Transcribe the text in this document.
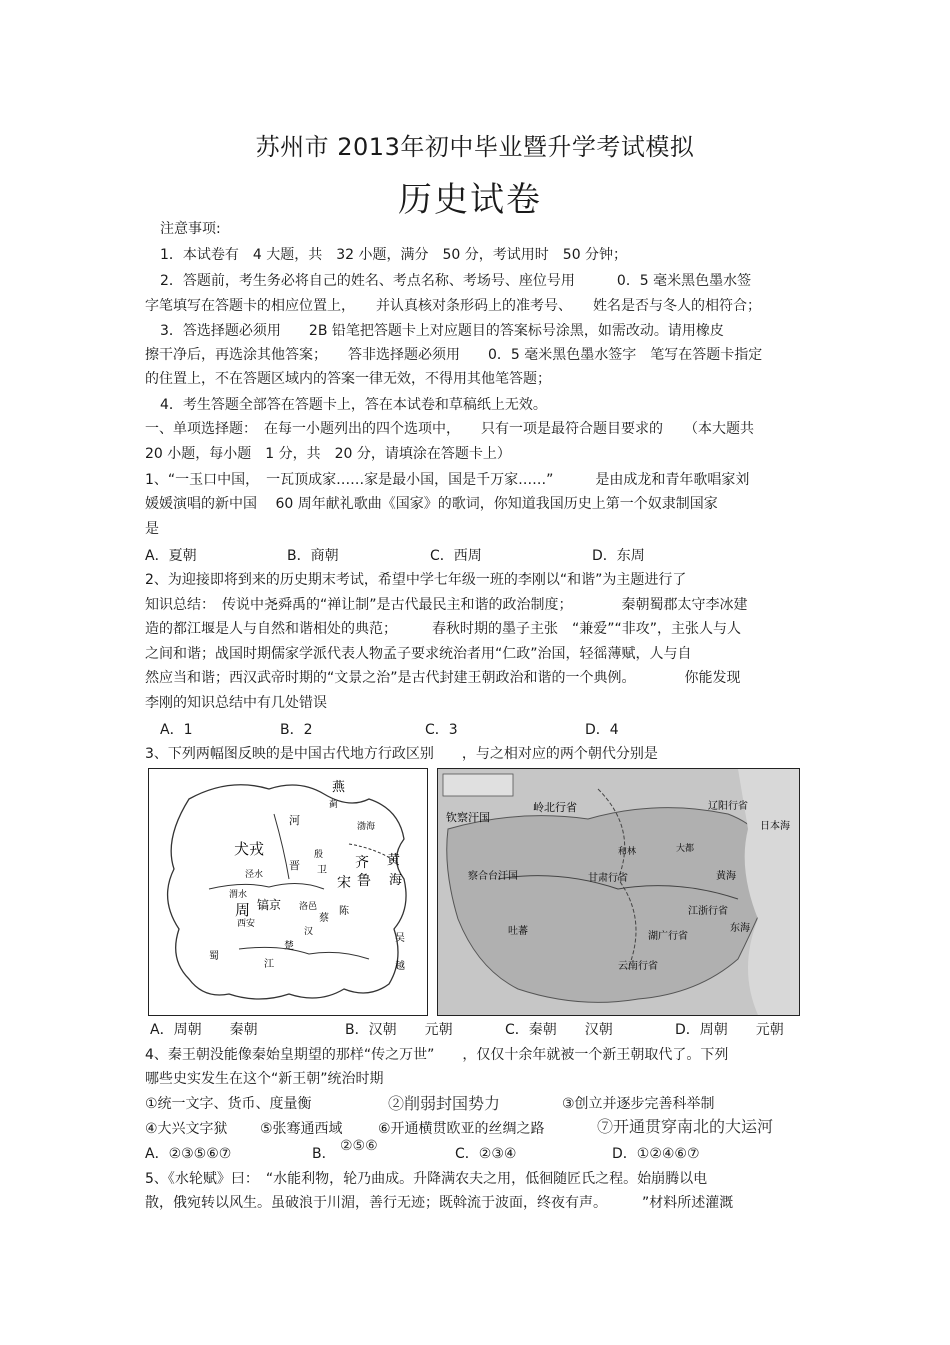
苏州市 2013年初中毕业暨升学考试模拟
历史试卷
注意事项:
1．本试卷有　4 大题，共　32 小题，满分　50 分，考试用时　50 分钟；
2．答题前，考生务必将自己的姓名、考点名称、考场号、座位号用　　　0．5 毫米黑色墨水签
字笔填写在答题卡的相应位置上，　　并认真核对条形码上的准考号、　　姓名是否与冬人的相符合；
3．答选择题必须用　　2B 铅笔把答题卡上对应题目的答案标号涂黑，如需改动。请用橡皮
擦干净后，再选涂其他答案；　　答非选择题必须用　　0．5 毫米黑色墨水签字　笔写在答题卡指定
的住置上，不在答题区域内的答案一律无效，不得用其他笔答题；
4．考生答题全部答在答题卡上，答在本试卷和草稿纸上无效。
一、单项选择题：　在每一小题列出的四个选项中，　　只有一项是最符合题目要求的　　（本大题共
20 小题，每小题　1 分，共　20 分，请填涂在答题卡上）
1、“一玉口中国，　一瓦顶成家……家是最小国，国是千万家……”　　　是由成龙和青年歌唱家刘
媛媛演唱的新中国　 60 周年献礼歌曲《国家》的歌词，你知道我国历史上第一个奴隶制国家
是
A．夏朝	B．商朝	C．西周	D．东周
2、为迎接即将到来的历史期末考试，希望中学七年级一班的李刚以“和谐”为主题进行了
知识总结：　传说中尧舜禹的“禅让制”是古代最民主和谐的政治制度；　　　　秦朝蜀郡太守李冰建
造的都江堰是人与自然和谐相处的典范；　　　春秋时期的墨子主张　“兼爱”“非攻”，主张人与人
之间和谐；战国时期儒家学派代表人物孟子要求统治者用“仁政”治国，轻徭薄赋，人与自
然应当和谐；西汉武帝时期的“文景之治”是古代封建王朝政治和谐的一个典例。　　　　你能发现
李刚的知识总结中有几处错误
A．1	B．2	C．3	D．4
3、下列两幅图反映的是中国古代地方行政区别　　，与之相对应的两个朝代分别是
燕
蓟
渤海
河
犬戎
晋	齐
鲁
宋
黄
海
泾水
渭水
镐京
周
西安
洛邑
卫
陈
蔡
楚
江
蜀
吴
越
汉
殷
钦察汗国
岭北行省
和林
察合台汗国	甘肃行省
辽阳行省
日本海
黄海
东海
大都
云南行省
湖广行省
江浙行省
吐蕃
A．周朝　　秦朝	B．汉朝　　元朝	C．秦朝　　汉朝	D．周朝　　元朝
4、秦王朝没能像秦始皇期望的那样“传之万世”　　，仅仅十余年就被一个新王朝取代了。下列
哪些史实发生在这个“新王朝”统治时期
①统一文字、货币、度量衡	②削弱封国势力	③创立并逐步完善科举制
④大兴文字狱 ⑤张骞通西域	⑥开通横贯欧亚的丝绸之路	⑦开通贯穿南北的大运河
A．②③⑤⑥⑦	B． ②⑤⑥	C．②③④	D．①②④⑥⑦
5、《水轮赋》曰：　“水能利物，轮乃曲成。升降满农夫之用，低徊随匠氏之程。始崩腾以电
散，俄宛转以风生。虽破浪于川湄，善行无迹；既斡流于波面，终夜有声。　　　”材料所述灌溉
